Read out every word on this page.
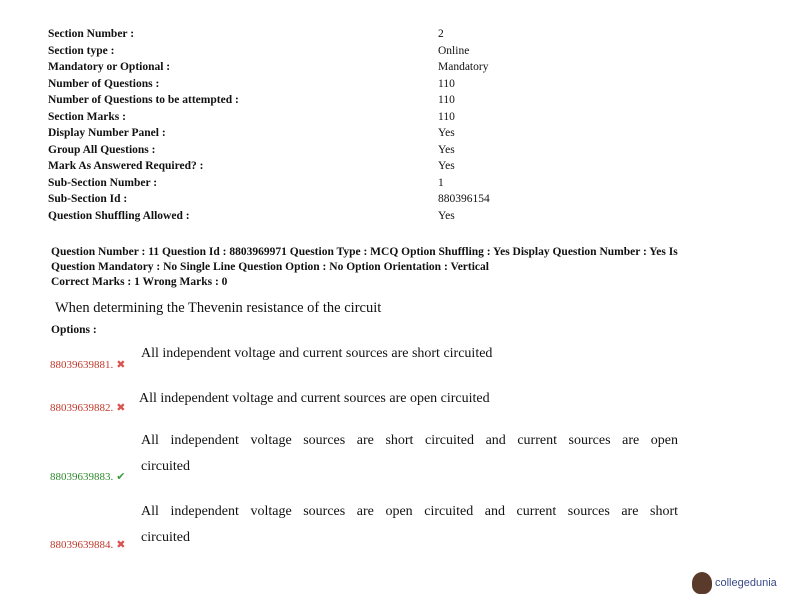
Section Number :	2
Section type :	Online
Mandatory or Optional :	Mandatory
Number of Questions :	110
Number of Questions to be attempted :	110
Section Marks :	110
Display Number Panel :	Yes
Group All Questions :	Yes
Mark As Answered Required? :	Yes
Sub-Section Number :	1
Sub-Section Id :	880396154
Question Shuffling Allowed :	Yes
Question Number : 11 Question Id : 8803969971 Question Type : MCQ Option Shuffling : Yes Display Question Number : Yes Is
Question Mandatory : No Single Line Question Option : No Option Orientation : Vertical
Correct Marks : 1 Wrong Marks : 0
When determining the Thevenin resistance of the circuit
Options :
88039639881. ✖
All independent voltage and current sources are short circuited
88039639882. ✖
All independent voltage and current sources are open circuited
88039639883. ✔
All independent voltage sources are short circuited and current sources are open
circuited
88039639884. ✖
All independent voltage sources are open circuited and current sources are short
circuited
collegedunia
